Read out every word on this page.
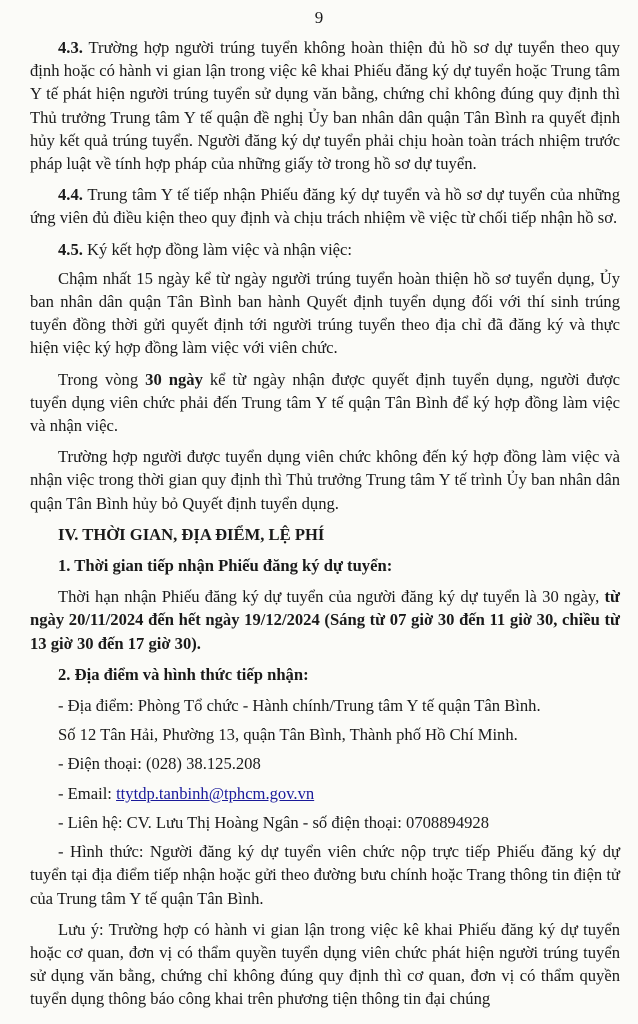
9

4.3. Trường hợp người trúng tuyển không hoàn thiện đủ hồ sơ dự tuyển theo quy định hoặc có hành vi gian lận trong việc kê khai Phiếu đăng ký dự tuyển hoặc Trung tâm Y tế phát hiện người trúng tuyển sử dụng văn bằng, chứng chỉ không đúng quy định thì Thủ trưởng Trung tâm Y tế quận đề nghị Ủy ban nhân dân quận Tân Bình ra quyết định hủy kết quả trúng tuyển. Người đăng ký dự tuyển phải chịu hoàn toàn trách nhiệm trước pháp luật về tính hợp pháp của những giấy tờ trong hồ sơ dự tuyển.

4.4. Trung tâm Y tế tiếp nhận Phiếu đăng ký dự tuyển và hồ sơ dự tuyển của những ứng viên đủ điều kiện theo quy định và chịu trách nhiệm về việc từ chối tiếp nhận hồ sơ.

4.5. Ký kết hợp đồng làm việc và nhận việc:

Chậm nhất 15 ngày kể từ ngày người trúng tuyển hoàn thiện hồ sơ tuyển dụng, Ủy ban nhân dân quận Tân Bình ban hành Quyết định tuyển dụng đối với thí sinh trúng tuyển đồng thời gửi quyết định tới người trúng tuyển theo địa chỉ đã đăng ký và thực hiện việc ký hợp đồng làm việc với viên chức.

Trong vòng 30 ngày kể từ ngày nhận được quyết định tuyển dụng, người được tuyển dụng viên chức phải đến Trung tâm Y tế quận Tân Bình để ký hợp đồng làm việc và nhận việc.

Trường hợp người được tuyển dụng viên chức không đến ký hợp đồng làm việc và nhận việc trong thời gian quy định thì Thủ trưởng Trung tâm Y tế trình Ủy ban nhân dân quận Tân Bình hủy bỏ Quyết định tuyển dụng.

IV. THỜI GIAN, ĐỊA ĐIỂM, LỆ PHÍ

1. Thời gian tiếp nhận Phiếu đăng ký dự tuyển:

Thời hạn nhận Phiếu đăng ký dự tuyển của người đăng ký dự tuyển là 30 ngày, từ ngày 20/11/2024 đến hết ngày 19/12/2024 (Sáng từ 07 giờ 30 đến 11 giờ 30, chiều từ 13 giờ 30 đến 17 giờ 30).

2. Địa điểm và hình thức tiếp nhận:

- Địa điểm: Phòng Tổ chức - Hành chính/Trung tâm Y tế quận Tân Bình.

Số 12 Tân Hải, Phường 13, quận Tân Bình, Thành phố Hồ Chí Minh.

- Điện thoại: (028) 38.125.208

- Email: ttytdp.tanbinh@tphcm.gov.vn

- Liên hệ: CV. Lưu Thị Hoàng Ngân - số điện thoại: 0708894928

- Hình thức: Người đăng ký dự tuyển viên chức nộp trực tiếp Phiếu đăng ký dự tuyển tại địa điểm tiếp nhận hoặc gửi theo đường bưu chính hoặc Trang thông tin điện tử của Trung tâm Y tế quận Tân Bình.

Lưu ý: Trường hợp có hành vi gian lận trong việc kê khai Phiếu đăng ký dự tuyển hoặc cơ quan, đơn vị có thẩm quyền tuyển dụng viên chức phát hiện người trúng tuyển sử dụng văn bằng, chứng chỉ không đúng quy định thì cơ quan, đơn vị có thẩm quyền tuyển dụng thông báo công khai trên phương tiện thông tin đại chúng
